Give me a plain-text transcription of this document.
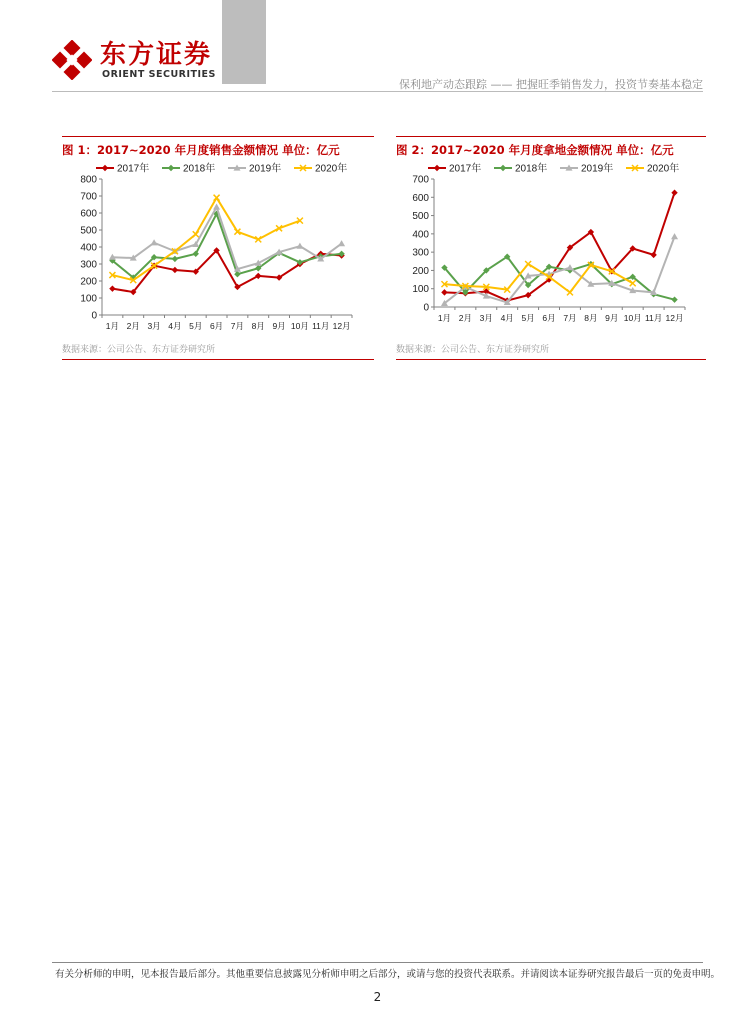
东方证券
ORIENT SECURITIES
保利地产动态跟踪 —— 把握旺季销售发力，投资节奏基本稳定
图 1：2017~2020 年月度销售金额情况 单位：亿元
2017年	2018年	2019年	2020年
0
100
200
300
400
500
600
700
800
1月 2月 3月 4月 5月 6月 7月 8月 9月 10月 11月 12月
数据来源：公司公告、东方证券研究所
图 2：2017~2020 年月度拿地金额情况 单位：亿元
2017年	2018年	2019年	2020年
0
100
200
300
400
500
600
700
1月 2月 3月 4月 5月 6月 7月 8月 9月 10月 11月 12月
数据来源：公司公告、东方证券研究所
有关分析师的申明，见本报告最后部分。其他重要信息披露见分析师申明之后部分，或请与您的投资代表联系。并请阅读本证券研究报告最后一页的免责申明。
2
